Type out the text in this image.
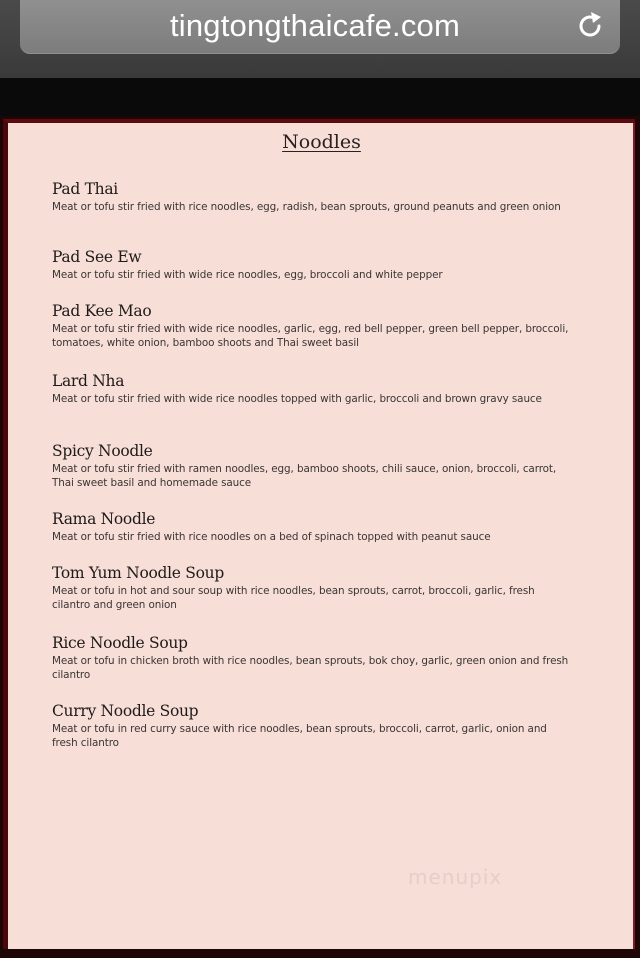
tingtongthaicafe.com
Noodles
Pad Thai
Meat or tofu stir fried with rice noodles, egg, radish, bean sprouts, ground peanuts and green onion
Pad See Ew
Meat or tofu stir fried with wide rice noodles, egg, broccoli and white pepper
Pad Kee Mao
Meat or tofu stir fried with wide rice noodles, garlic, egg, red bell pepper, green bell pepper, broccoli, tomatoes, white onion, bamboo shoots and Thai sweet basil
Lard Nha
Meat or tofu stir fried with wide rice noodles topped with garlic, broccoli and brown gravy sauce
Spicy Noodle
Meat or tofu stir fried with ramen noodles, egg, bamboo shoots, chili sauce, onion, broccoli, carrot, Thai sweet basil and homemade sauce
Rama Noodle
Meat or tofu stir fried with rice noodles on a bed of spinach topped with peanut sauce
Tom Yum Noodle Soup
Meat or tofu in hot and sour soup with rice noodles, bean sprouts, carrot, broccoli, garlic, fresh cilantro and green onion
Rice Noodle Soup
Meat or tofu in chicken broth with rice noodles, bean sprouts, bok choy, garlic, green onion and fresh cilantro
Curry Noodle Soup
Meat or tofu in red curry sauce with rice noodles, bean sprouts, broccoli, carrot, garlic, onion and fresh cilantro
menupix
